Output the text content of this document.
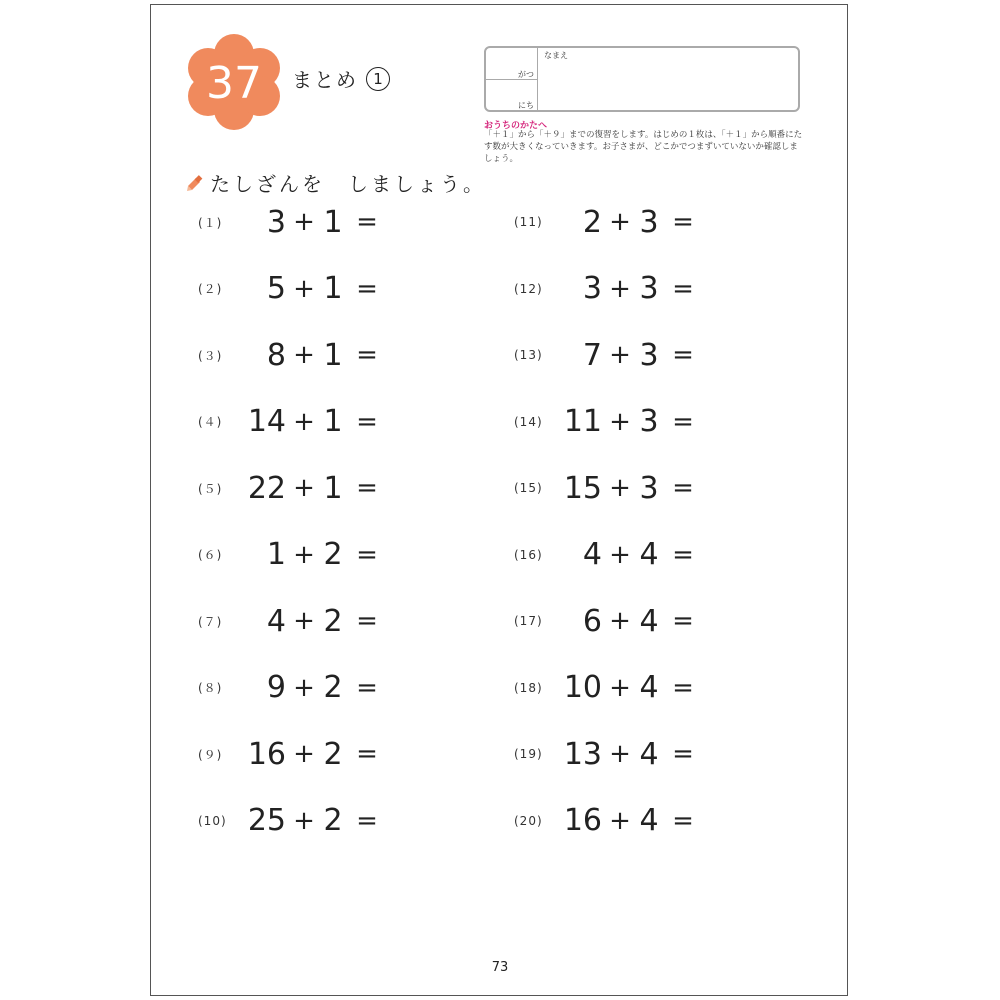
37 まとめ	1	がつ
にち
なまえ
おうちのかたへ
「＋１」から「＋９」までの復習をします。はじめの１枚は、「＋１」から順番にたす数が大きくなっていきます。お子さまが、どこかでつまずいていないか確認しましょう。
たしざんを　しましょう。
(１)	3 + 1 =
(２)	5 + 1 =
(３)	8 + 1 =
(４) 14 + 1 =
(５) 22 + 1 =
(６)	1 + 2 =
(７)	4 + 2 =
(８)	9 + 2 =
(９) 16 + 2 =
(10) 25 + 2 =
(11)	2 + 3 =
(12)	3 + 3 =
(13)	7 + 3 =
(14) 11 + 3 =
(15) 15 + 3 =
(16)	4 + 4 =
(17)	6 + 4 =
(18) 10 + 4 =
(19) 13 + 4 =
(20) 16 + 4 =
73
